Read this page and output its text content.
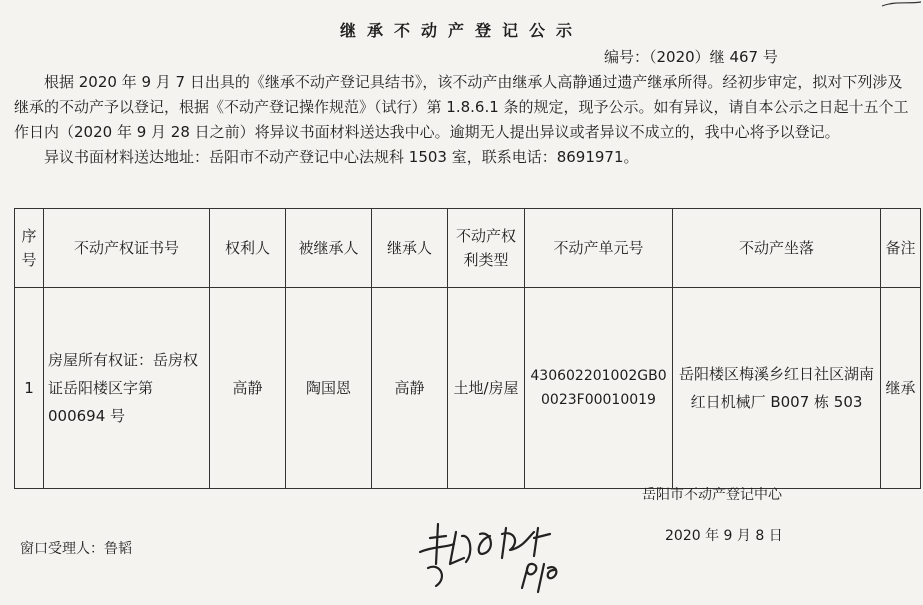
继承不动产登记公示
编号：（2020）继 467 号

根据 2020 年 9 月 7 日出具的《继承不动产登记具结书》，该不动产由继承人高静通过遗产继承所得。经初步审定，拟对下列涉及继承的不动产予以登记，根据《不动产登记操作规范》（试行）第 1.8.6.1 条的规定，现予公示。如有异议，请自本公示之日起十五个工作日内（2020 年 9 月 28 日之前）将异议书面材料送达我中心。逾期无人提出异议或者异议不成立的，我中心将予以登记。

异议书面材料送达地址：岳阳市不动产登记中心法规科 1503 室，联系电话：8691971。

序号	不动产权证书号	权利人	被继承人	继承人	不动产权利类型	不动产单元号	不动产坐落	备注
1	房屋所有权证：岳房权证岳阳楼区字第 000694 号	高静	陶国恩	高静	土地/房屋	430602201002GB00023F00010019	岳阳楼区梅溪乡红日社区湖南红日机械厂 B007 栋 503	继承
岳阳市不动产登记中心
2020 年 9 月 8 日
窗口受理人：鲁韬
